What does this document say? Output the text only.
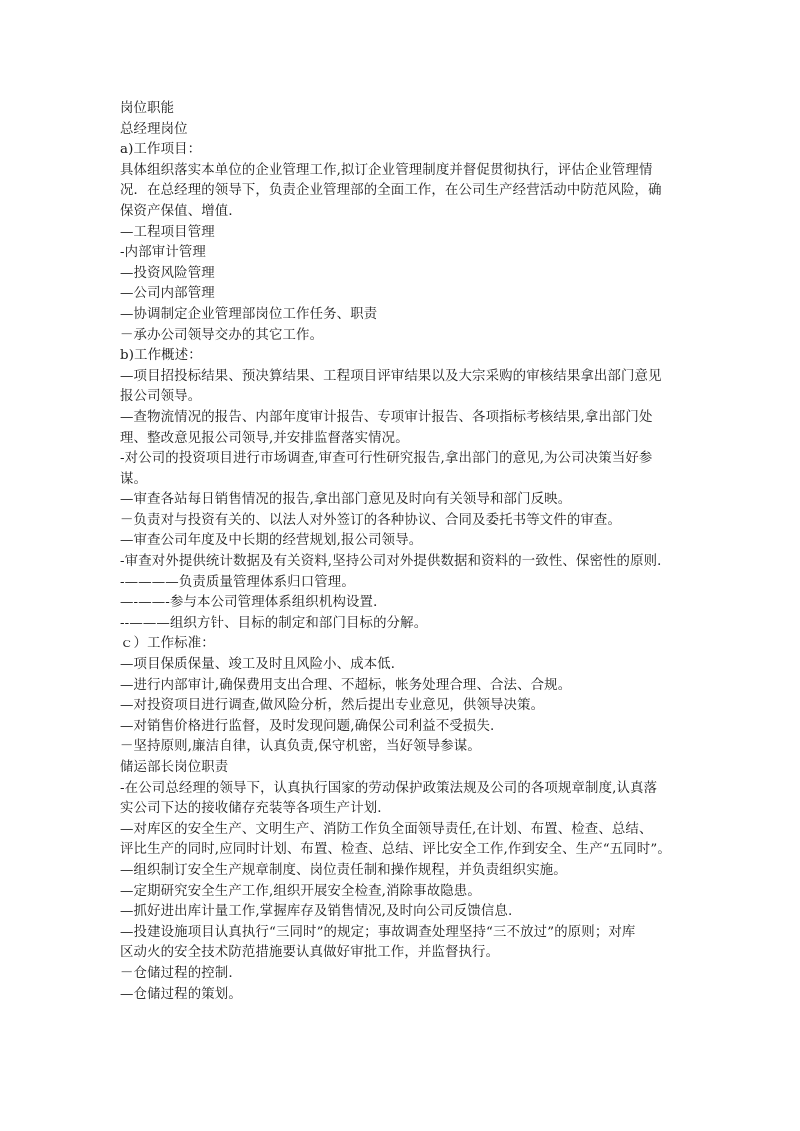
岗位职能
总经理岗位
a)工作项目：
具体组织落实本单位的企业管理工作,拟订企业管理制度并督促贯彻执行，评估企业管理情
况．在总经理的领导下，负责企业管理部的全面工作，在公司生产经营活动中防范风险，确
保资产保值、增值．
—工程项目管理
-内部审计管理
—投资风险管理
—公司内部管理
—协调制定企业管理部岗位工作任务、职责
－承办公司领导交办的其它工作。
b)工作概述：
—项目招投标结果、预决算结果、工程项目评审结果以及大宗采购的审核结果拿出部门意见
报公司领导。
—查物流情况的报告、内部年度审计报告、专项审计报告、各项指标考核结果,拿出部门处
理、整改意见报公司领导,并安排监督落实情况。
-对公司的投资项目进行市场调查,审查可行性研究报告,拿出部门的意见,为公司决策当好参
谋。
—审查各站每日销售情况的报告,拿出部门意见及时向有关领导和部门反映。
－负责对与投资有关的、以法人对外签订的各种协议、合同及委托书等文件的审查。
—审查公司年度及中长期的经营规划,报公司领导。
-审查对外提供统计数据及有关资料,坚持公司对外提供数据和资料的一致性、保密性的原则．
-————负责质量管理体系归口管理。
—-——-参与本公司管理体系组织机构设置．
--———组织方针、目标的制定和部门目标的分解。
ｃ）工作标准：
—项目保质保量、竣工及时且风险小、成本低．
—进行内部审计,确保费用支出合理、不超标，帐务处理合理、合法、合规。
—对投资项目进行调查,做风险分析，然后提出专业意见，供领导决策。
—对销售价格进行监督，及时发现问题,确保公司利益不受损失.
－坚持原则,廉洁自律，认真负责,保守机密，当好领导参谋。
储运部长岗位职责
-在公司总经理的领导下，认真执行国家的劳动保护政策法规及公司的各项规章制度,认真落
实公司下达的接收储存充装等各项生产计划.
—对库区的安全生产、文明生产、消防工作负全面领导责任,在计划、布置、检查、总结、
评比生产的同时,应同时计划、布置、检查、总结、评比安全工作,作到安全、生产“五同时”。
—组织制订安全生产规章制度、岗位责任制和操作规程，并负责组织实施。
—定期研究安全生产工作,组织开展安全检查,消除事故隐患。
—抓好进出库计量工作,掌握库存及销售情况,及时向公司反馈信息.
—投建设施项目认真执行“三同时”的规定；事故调查处理坚持“三不放过”的原则；对库
区动火的安全技术防范措施要认真做好审批工作，并监督执行。
－仓储过程的控制.
—仓储过程的策划。
